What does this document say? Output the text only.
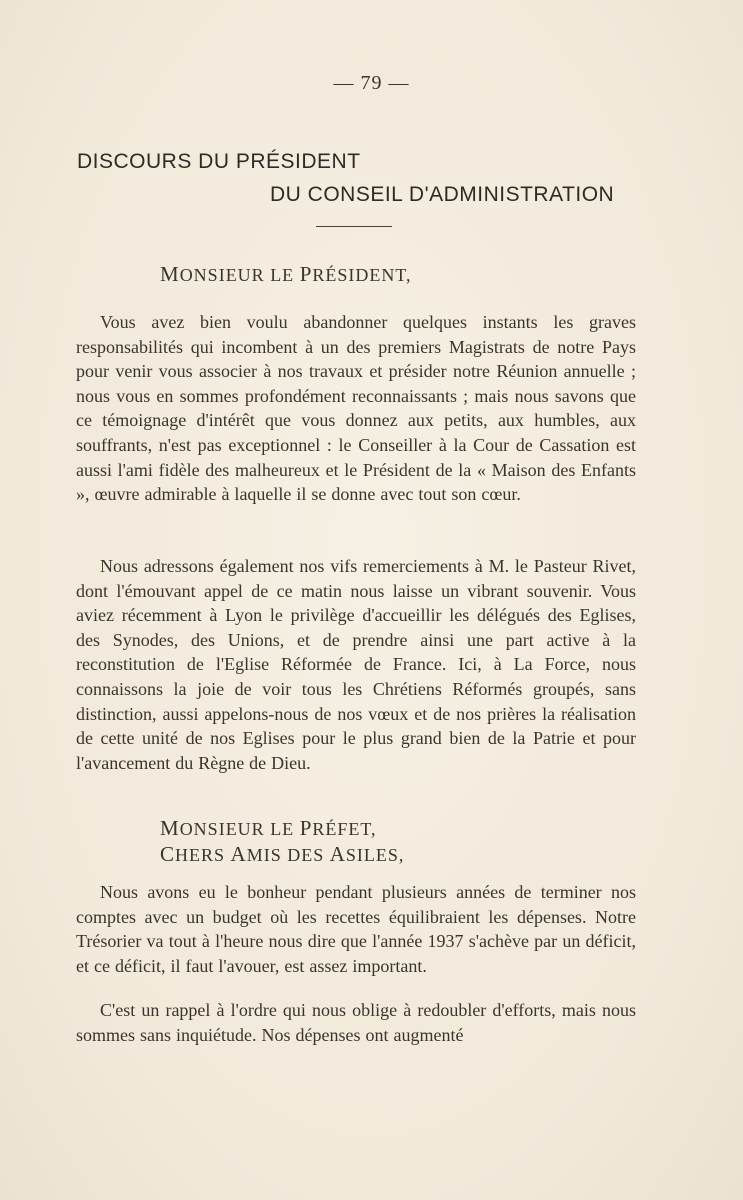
— 79 —
DISCOURS DU PRÉSIDENT
DU CONSEIL D'ADMINISTRATION
MONSIEUR LE PRÉSIDENT,

Vous avez bien voulu abandonner quelques instants les graves responsabilités qui incombent à un des premiers Magistrats de notre Pays pour venir vous associer à nos travaux et présider notre Réunion annuelle ; nous vous en sommes profondément reconnaissants ; mais nous savons que ce témoignage d'intérêt que vous donnez aux petits, aux humbles, aux souffrants, n'est pas exceptionnel : le Conseiller à la Cour de Cassation est aussi l'ami fidèle des malheureux et le Président de la « Maison des Enfants », œuvre admirable à laquelle il se donne avec tout son cœur.

Nous adressons également nos vifs remerciements à M. le Pasteur Rivet, dont l'émouvant appel de ce matin nous laisse un vibrant souvenir. Vous aviez récemment à Lyon le privilège d'accueillir les délégués des Eglises, des Synodes, des Unions, et de prendre ainsi une part active à la reconstitution de l'Eglise Réformée de France. Ici, à La Force, nous connaissons la joie de voir tous les Chrétiens Réformés groupés, sans distinction, aussi appelons-nous de nos vœux et de nos prières la réalisation de cette unité de nos Eglises pour le plus grand bien de la Patrie et pour l'avancement du Règne de Dieu.

MONSIEUR LE PRÉFET,
CHERS AMIS DES ASILES,

Nous avons eu le bonheur pendant plusieurs années de terminer nos comptes avec un budget où les recettes équilibraient les dépenses. Notre Trésorier va tout à l'heure nous dire que l'année 1937 s'achève par un déficit, et ce déficit, il faut l'avouer, est assez important.

C'est un rappel à l'ordre qui nous oblige à redoubler d'efforts, mais nous sommes sans inquiétude. Nos dépenses ont augmenté
